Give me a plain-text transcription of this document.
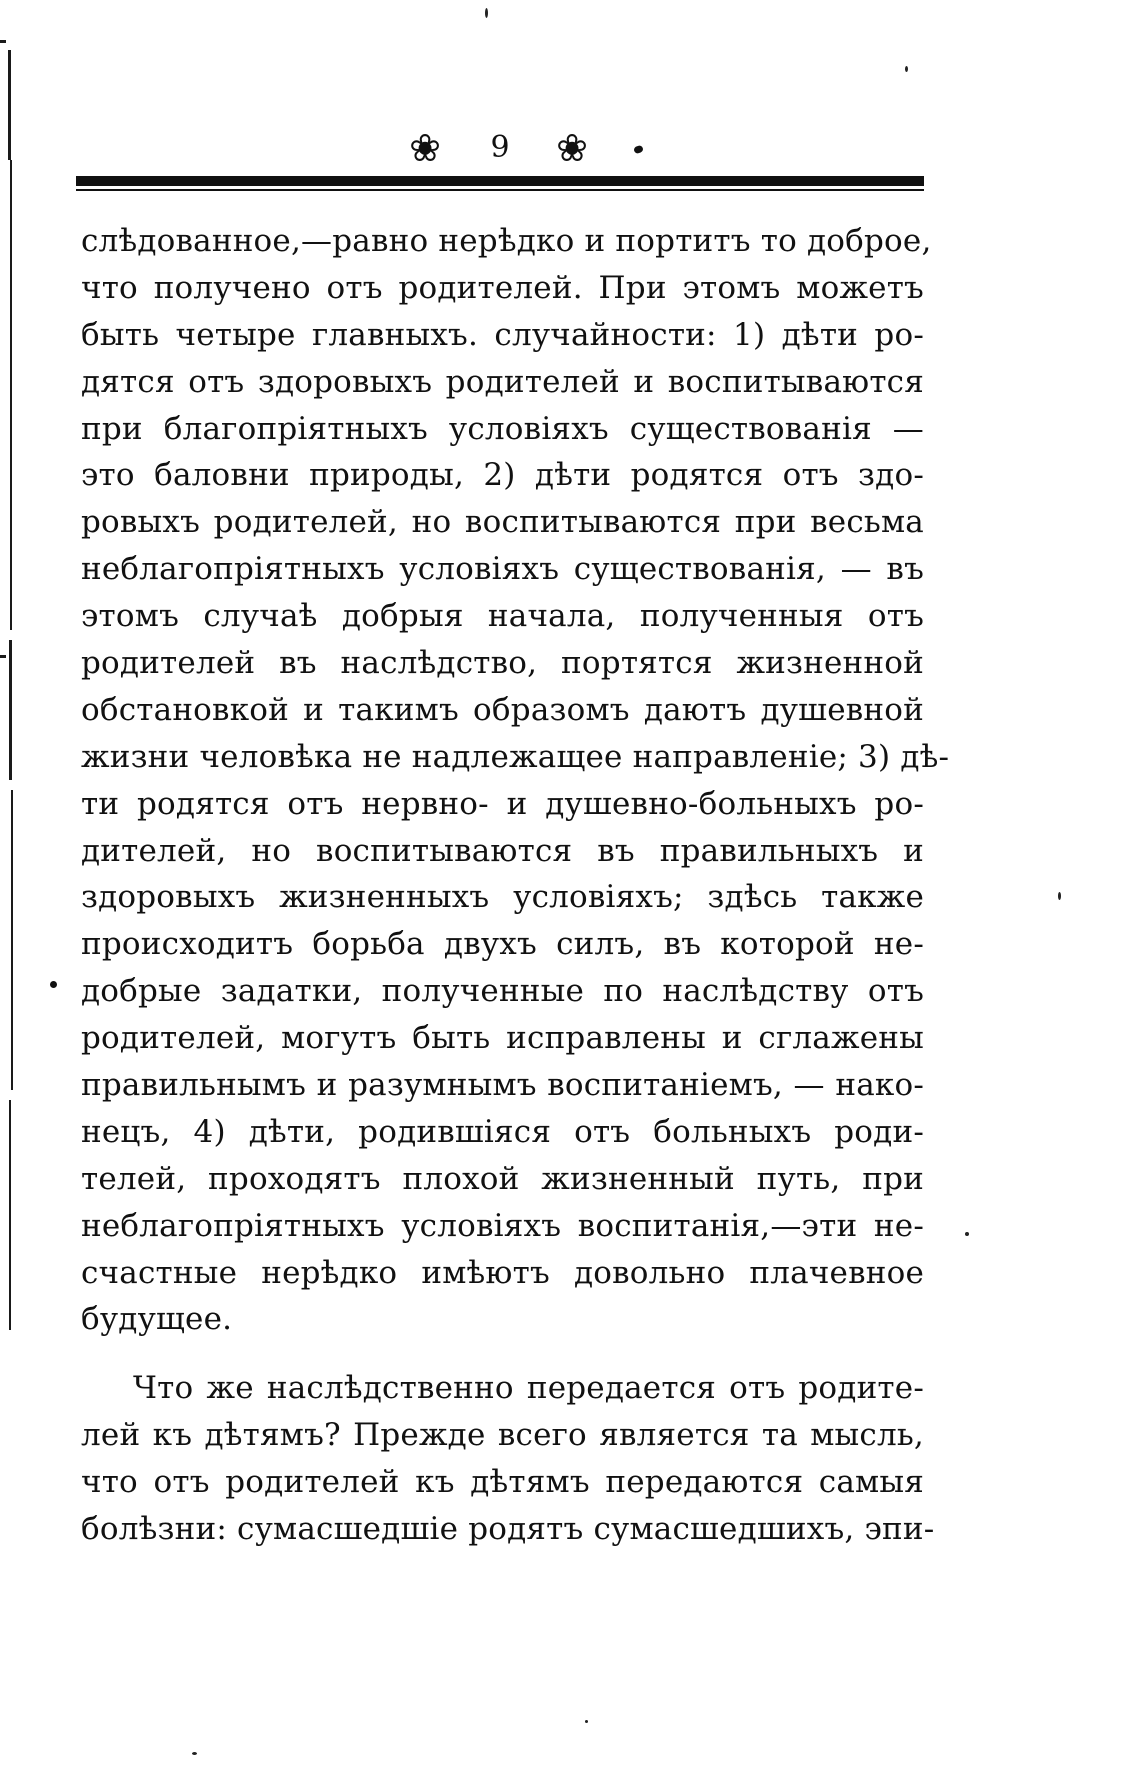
❀	9	❀
слѣдованное,—равно нерѣдко и портитъ то доброе,
что получено отъ родителей. При этомъ можетъ
быть четыре главныхъ. случайности: 1) дѣти ро-
дятся отъ здоровыхъ родителей и воспитываются
при благопріятныхъ условіяхъ существованія —
это баловни природы, 2) дѣти родятся отъ здо-
ровыхъ родителей, но воспитываются при весьма
неблагопріятныхъ условіяхъ существованія, — въ
этомъ случаѣ добрыя начала, полученныя отъ
родителей въ наслѣдство, портятся жизненной
обстановкой и такимъ образомъ даютъ душевной
жизни человѣка не надлежащее направленіе; 3) дѣ-
ти родятся отъ нервно- и душевно-больныхъ ро-
дителей, но воспитываются въ правильныхъ и
здоровыхъ жизненныхъ условіяхъ; здѣсь также
происходитъ борьба двухъ силъ, въ которой не-
добрые задатки, полученные по наслѣдству отъ
родителей, могутъ быть исправлены и сглажены
правильнымъ и разумнымъ воспитаніемъ, — нако-
нецъ, 4) дѣти, родившіяся отъ больныхъ роди-
телей, проходятъ плохой жизненный путь, при
неблагопріятныхъ условіяхъ воспитанія,—эти не-
счастные нерѣдко имѣютъ довольно плачевное
будущее.
Что же наслѣдственно передается отъ родите-
лей къ дѣтямъ? Прежде всего является та мысль,
что отъ родителей къ дѣтямъ передаются самыя
болѣзни: сумасшедшіе родятъ сумасшедшихъ, эпи-
